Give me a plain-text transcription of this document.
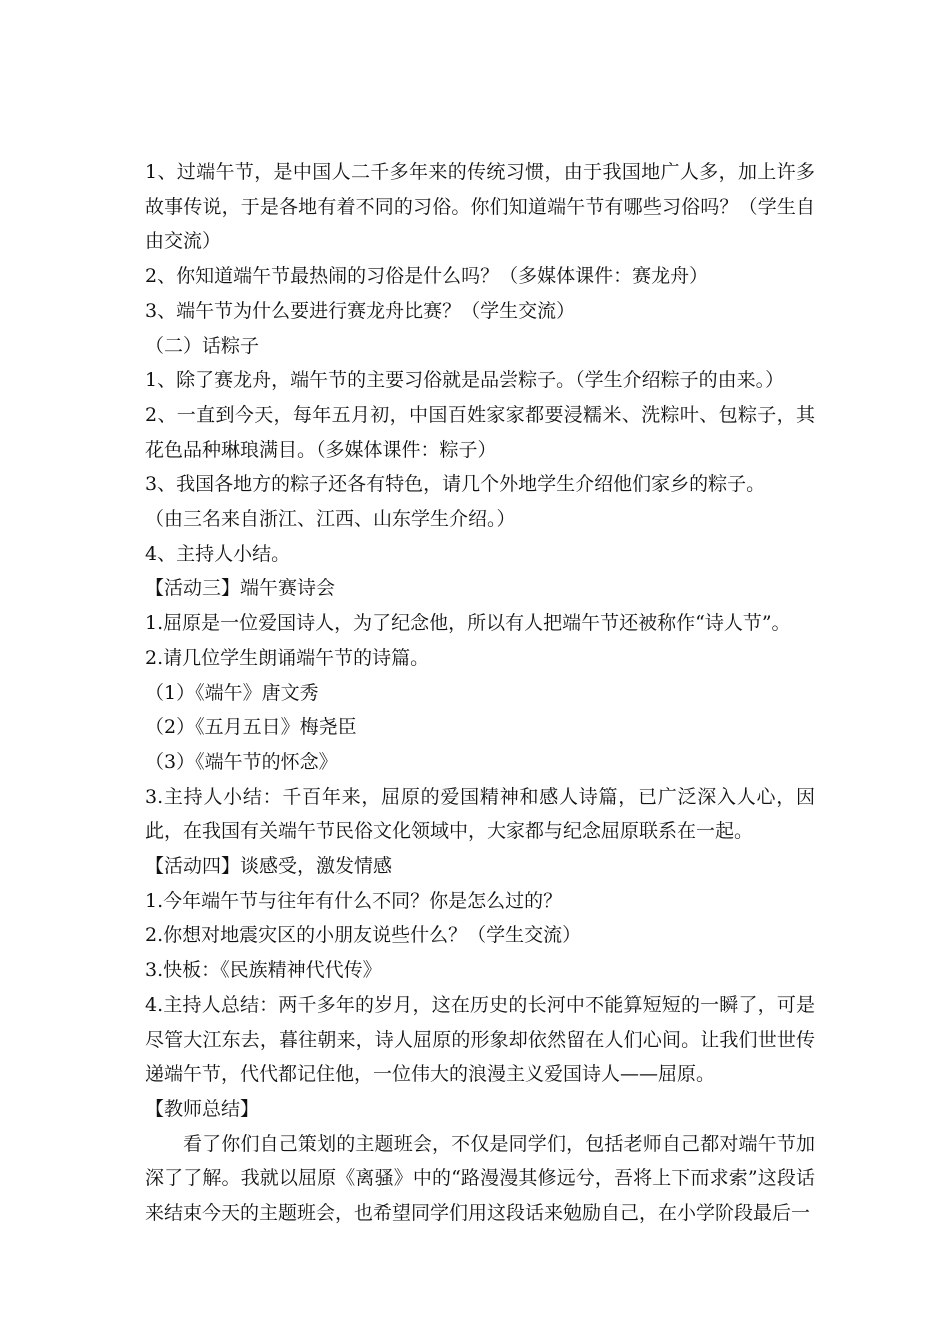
1、过端午节，是中国人二千多年来的传统习惯，由于我国地广人多，加上许多故事传说，于是各地有着不同的习俗。你们知道端午节有哪些习俗吗？（学生自由交流）

2、你知道端午节最热闹的习俗是什么吗？（多媒体课件：赛龙舟）

3、端午节为什么要进行赛龙舟比赛？（学生交流）

（二）话粽子

1、除了赛龙舟，端午节的主要习俗就是品尝粽子。（学生介绍粽子的由来。）

2、一直到今天，每年五月初，中国百姓家家都要浸糯米、洗粽叶、包粽子，其花色品种琳琅满目。（多媒体课件：粽子）

3、我国各地方的粽子还各有特色，请几个外地学生介绍他们家乡的粽子。

（由三名来自浙江、江西、山东学生介绍。）

4、主持人小结。

【活动三】端午赛诗会

1.屈原是一位爱国诗人，为了纪念他，所以有人把端午节还被称作“诗人节”。

2.请几位学生朗诵端午节的诗篇。

（1）《端午》唐文秀

（2）《五月五日》梅尧臣

（3）《端午节的怀念》

3.主持人小结：千百年来，屈原的爱国精神和感人诗篇，已广泛深入人心，因此，在我国有关端午节民俗文化领域中，大家都与纪念屈原联系在一起。

【活动四】谈感受，激发情感

1.今年端午节与往年有什么不同？你是怎么过的？

2.你想对地震灾区的小朋友说些什么？（学生交流）

3.快板：《民族精神代代传》

4.主持人总结：两千多年的岁月，这在历史的长河中不能算短短的一瞬了，可是尽管大江东去，暮往朝来，诗人屈原的形象却依然留在人们心间。让我们世世传递端午节，代代都记住他，一位伟大的浪漫主义爱国诗人——屈原。

【教师总结】

看了你们自己策划的主题班会，不仅是同学们，包括老师自己都对端午节加深了了解。我就以屈原《离骚》中的“路漫漫其修远兮，吾将上下而求索”这段话来结束今天的主题班会，也希望同学们用这段话来勉励自己，在小学阶段最后一
